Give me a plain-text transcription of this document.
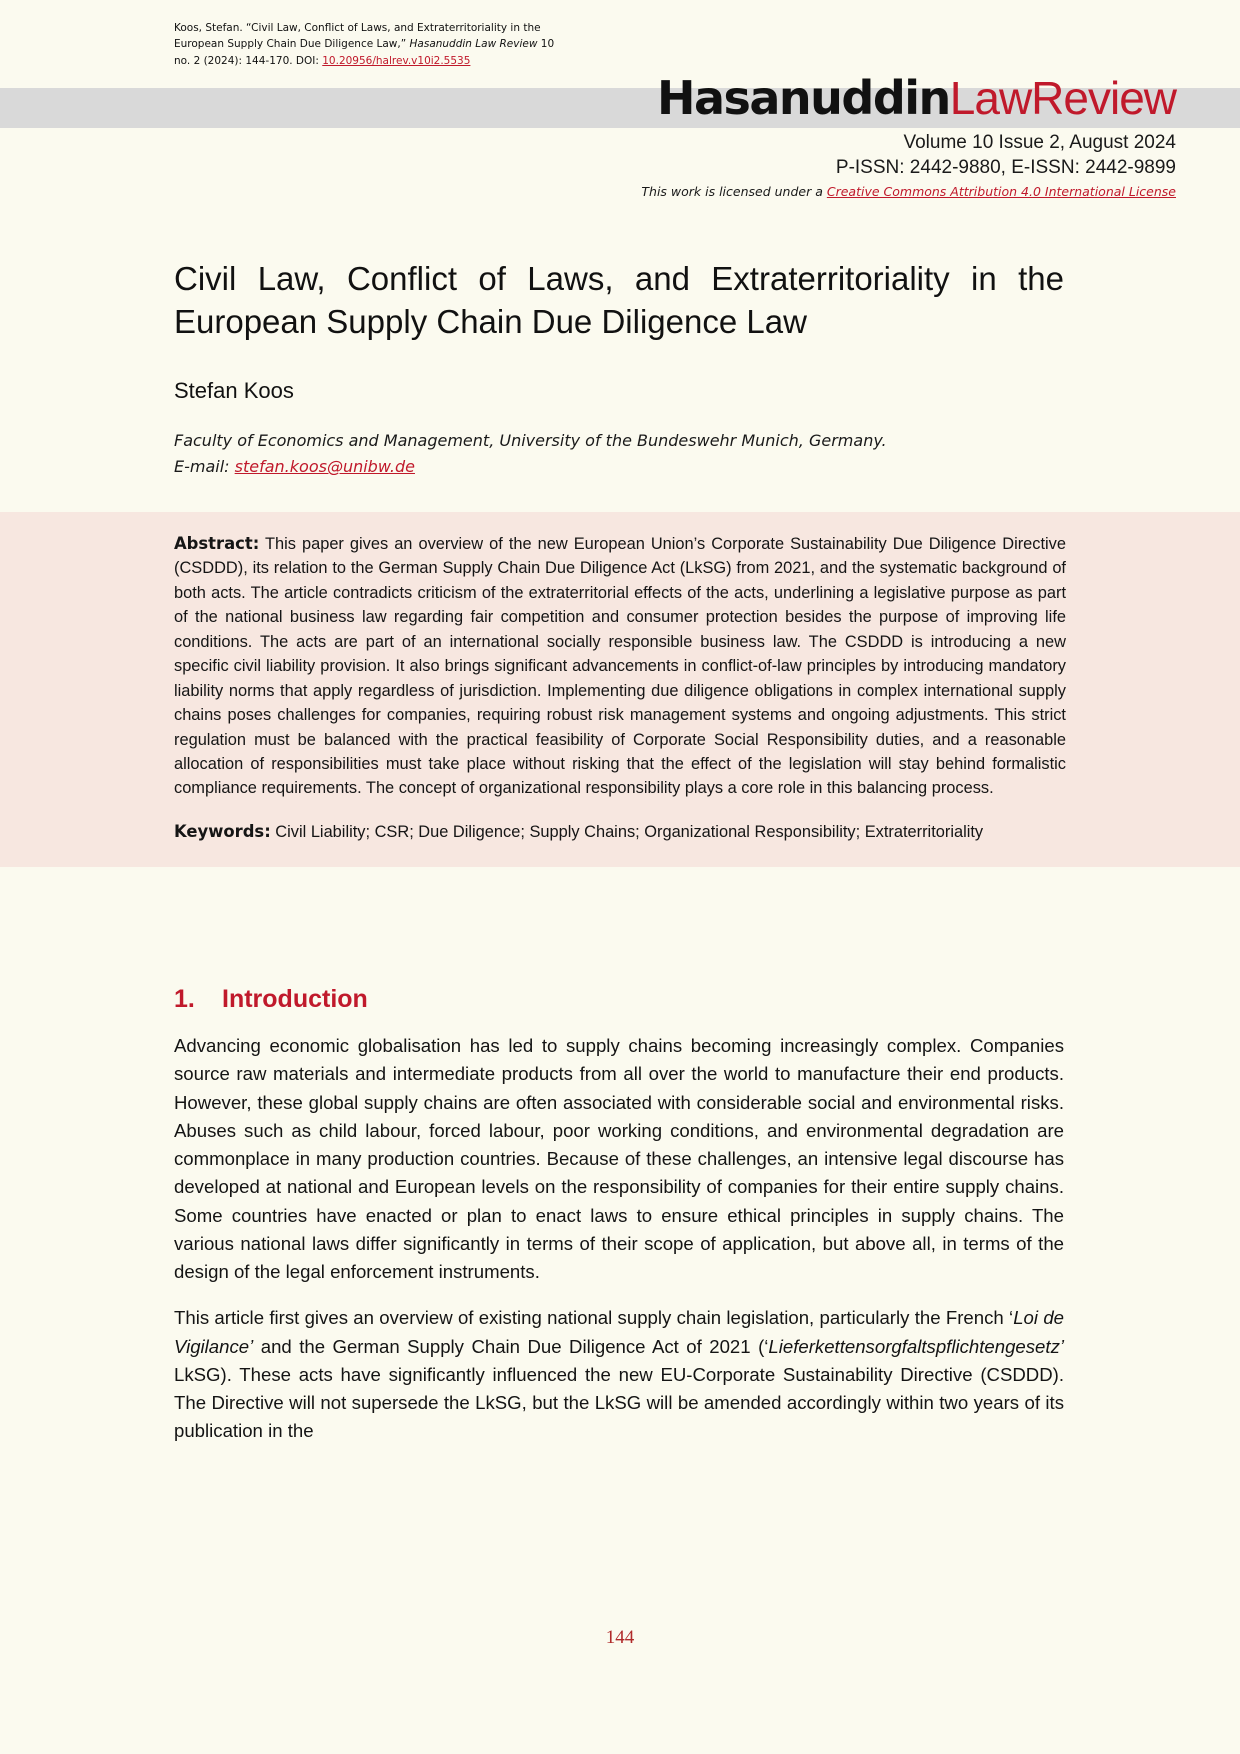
Koos, Stefan. “Civil Law, Conflict of Laws, and Extraterritoriality in the
European Supply Chain Due Diligence Law,” Hasanuddin Law Review 10
no. 2 (2024): 144-170. DOI: 10.20956/halrev.v10i2.5535
HasanuddinLawReview
Volume 10 Issue 2, August 2024
P-ISSN: 2442-9880, E-ISSN: 2442-9899
This work is licensed under a Creative Commons Attribution 4.0 International License
Civil Law, Conflict of Laws, and Extraterritoriality in the European Supply Chain Due Diligence Law
Stefan Koos
Faculty of Economics and Management, University of the Bundeswehr Munich, Germany.
E-mail: stefan.koos@unibw.de

Abstract: This paper gives an overview of the new European Union’s Corporate Sustainability Due Diligence Directive (CSDDD), its relation to the German Supply Chain Due Diligence Act (LkSG) from 2021, and the systematic background of both acts. The article contradicts criticism of the extraterritorial effects of the acts, underlining a legislative purpose as part of the national business law regarding fair competition and consumer protection besides the purpose of improving life conditions. The acts are part of an international socially responsible business law. The CSDDD is introducing a new specific civil liability provision. It also brings significant advancements in conflict-of-law principles by introducing mandatory liability norms that apply regardless of jurisdiction. Implementing due diligence obligations in complex international supply chains poses challenges for companies, requiring robust risk management systems and ongoing adjustments. This strict regulation must be balanced with the practical feasibility of Corporate Social Responsibility duties, and a reasonable allocation of responsibilities must take place without risking that the effect of the legislation will stay behind formalistic compliance requirements. The concept of organizational responsibility plays a core role in this balancing process.

Keywords: Civil Liability; CSR; Due Diligence; Supply Chains; Organizational Responsibility; Extraterritoriality
1. Introduction

Advancing economic globalisation has led to supply chains becoming increasingly complex. Companies source raw materials and intermediate products from all over the world to manufacture their end products. However, these global supply chains are often associated with considerable social and environmental risks. Abuses such as child labour, forced labour, poor working conditions, and environmental degradation are commonplace in many production countries. Because of these challenges, an intensive legal discourse has developed at national and European levels on the responsibility of companies for their entire supply chains. Some countries have enacted or plan to enact laws to ensure ethical principles in supply chains. The various national laws differ significantly in terms of their scope of application, but above all, in terms of the design of the legal enforcement instruments.

This article first gives an overview of existing national supply chain legislation, particularly the French ‘Loi de Vigilance’ and the German Supply Chain Due Diligence Act of 2021 (‘Lieferkettensorgfaltspflichtengesetz’ LkSG). These acts have significantly influenced the new EU-Corporate Sustainability Directive (CSDDD). The Directive will not supersede the LkSG, but the LkSG will be amended accordingly within two years of its publication in the

144
